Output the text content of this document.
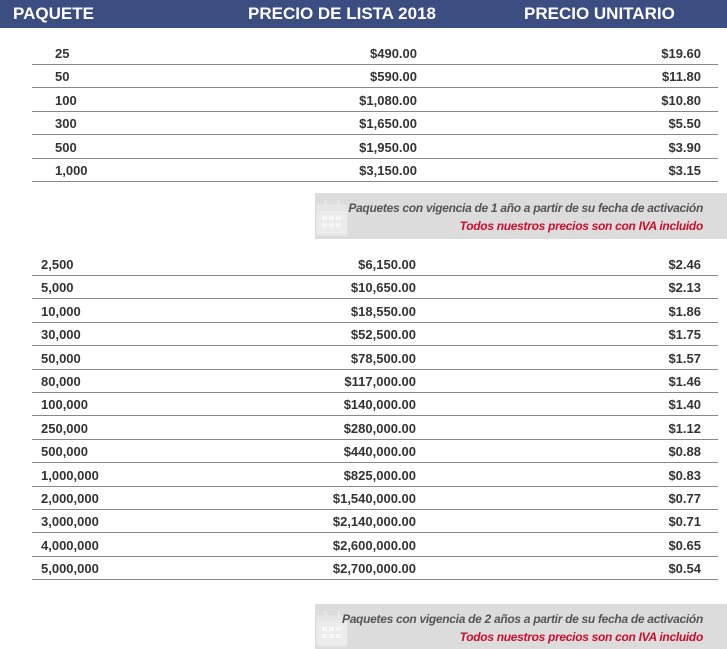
PAQUETE	PRECIO DE LISTA 2018	PRECIO UNITARIO
25	$490.00	$19.60
50	$590.00	$11.80
100	$1,080.00	$10.80
300	$1,650.00	$5.50
500	$1,950.00	$3.90
1,000	$3,150.00	$3.15
Paquetes con vigencia de 1 año a partir de su fecha de activación
Todos nuestros precios son con IVA incluido
2,500	$6,150.00	$2.46
5,000	$10,650.00	$2.13
10,000	$18,550.00	$1.86
30,000	$52,500.00	$1.75
50,000	$78,500.00	$1.57
80,000	$117,000.00	$1.46
100,000	$140,000.00	$1.40
250,000	$280,000.00	$1.12
500,000	$440,000.00	$0.88
1,000,000	$825,000.00	$0.83
2,000,000	$1,540,000.00	$0.77
3,000,000	$2,140,000.00	$0.71
4,000,000	$2,600,000.00	$0.65
5,000,000	$2,700,000.00	$0.54
Paquetes con vigencia de 2 años a partir de su fecha de activación
Todos nuestros precios son con IVA incluido
